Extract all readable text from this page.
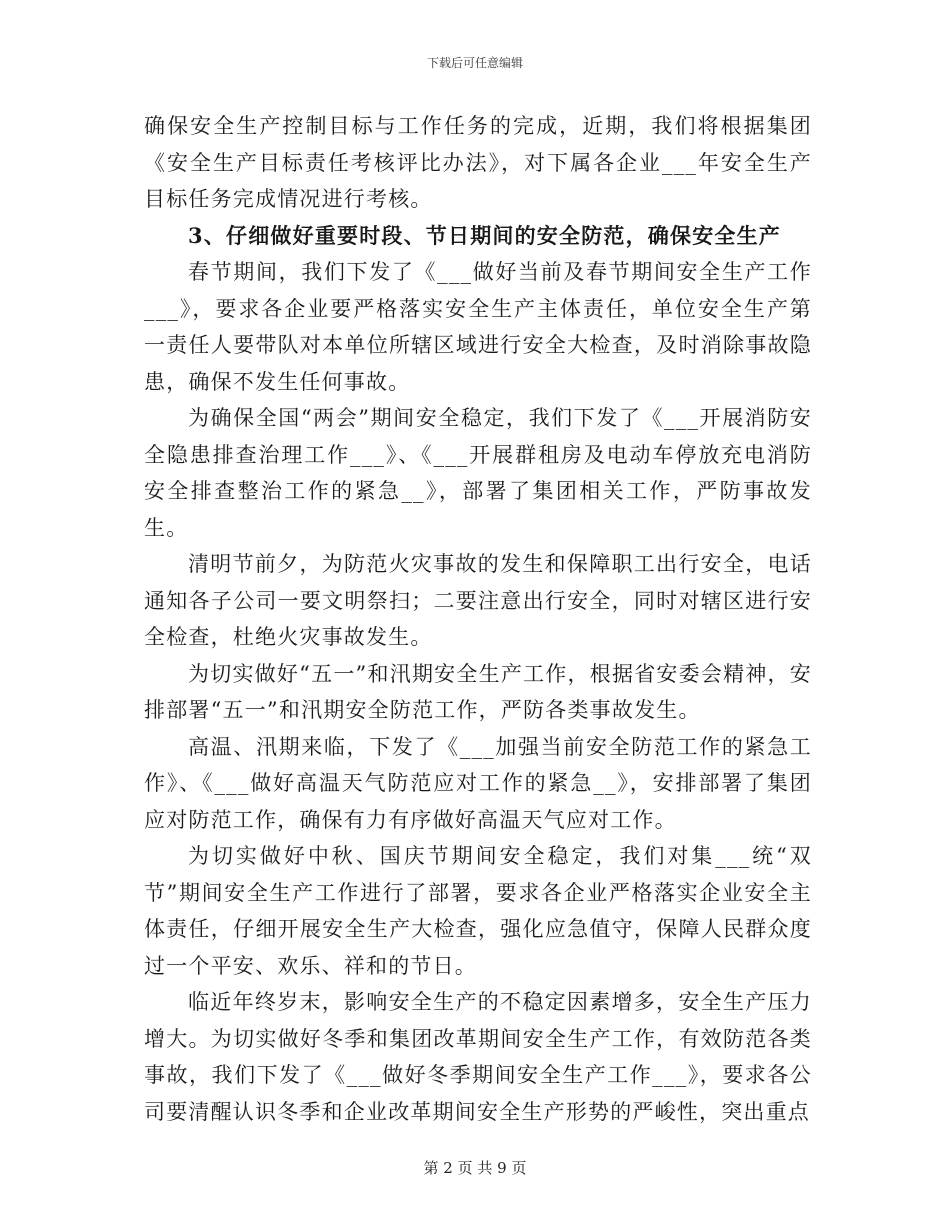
下载后可任意编辑

确保安全生产控制目标与工作任务的完成，近期，我们将根据集团《安全生产目标责任考核评比办法》，对下属各企业___年安全生产目标任务完成情况进行考核。

3、仔细做好重要时段、节日期间的安全防范，确保安全生产

春节期间，我们下发了《___做好当前及春节期间安全生产工作___》，要求各企业要严格落实安全生产主体责任，单位安全生产第一责任人要带队对本单位所辖区域进行安全大检查，及时消除事故隐患，确保不发生任何事故。

为确保全国“两会”期间安全稳定，我们下发了《___开展消防安全隐患排查治理工作___》、《___开展群租房及电动车停放充电消防安全排查整治工作的紧急__》，部署了集团相关工作，严防事故发生。

清明节前夕，为防范火灾事故的发生和保障职工出行安全，电话通知各子公司一要文明祭扫；二要注意出行安全，同时对辖区进行安全检查，杜绝火灾事故发生。

为切实做好“五一”和汛期安全生产工作，根据省安委会精神，安排部署“五一”和汛期安全防范工作，严防各类事故发生。

高温、汛期来临，下发了《___加强当前安全防范工作的紧急工作》、《___做好高温天气防范应对工作的紧急__》，安排部署了集团应对防范工作，确保有力有序做好高温天气应对工作。

为切实做好中秋、国庆节期间安全稳定，我们对集___统“双节”期间安全生产工作进行了部署，要求各企业严格落实企业安全主体责任，仔细开展安全生产大检查，强化应急值守，保障人民群众度过一个平安、欢乐、祥和的节日。

临近年终岁末，影响安全生产的不稳定因素增多，安全生产压力增大。为切实做好冬季和集团改革期间安全生产工作，有效防范各类事故，我们下发了《___做好冬季期间安全生产工作___》，要求各公司要清醒认识冬季和企业改革期间安全生产形势的严峻性，突出重点

第 2 页 共 9 页
